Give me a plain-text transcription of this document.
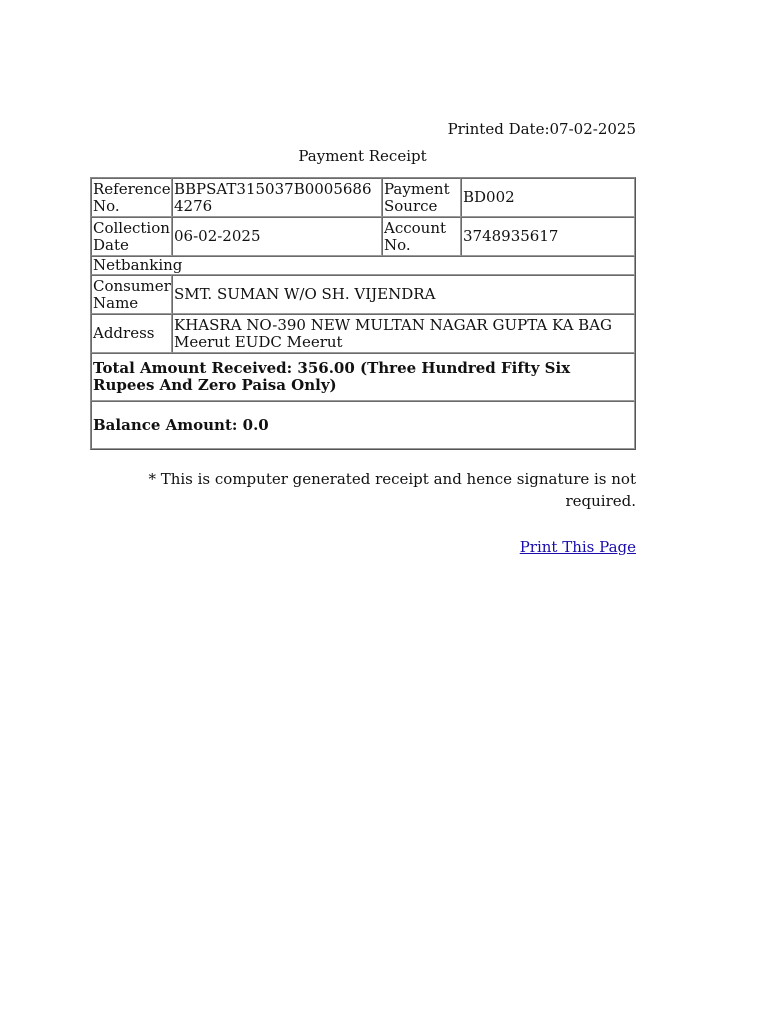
Printed Date:07-02-2025
Payment Receipt
Reference No.	BBPSAT315037B00056864276	Payment Source	BD002
Collection Date	06-02-2025	Account No.	3748935617
Netbanking			
Consumer Name	SMT. SUMAN W/O SH. VIJENDRA		
Address	KHASRA NO-390 NEW MULTAN NAGAR GUPTA KA BAG Meerut EUDC Meerut		
Total Amount Received: 356.00 (Three Hundred Fifty Six Rupees And Zero Paisa Only)			
Balance Amount: 0.0			
* This is computer generated receipt and hence signature is not required.
Print This Page
